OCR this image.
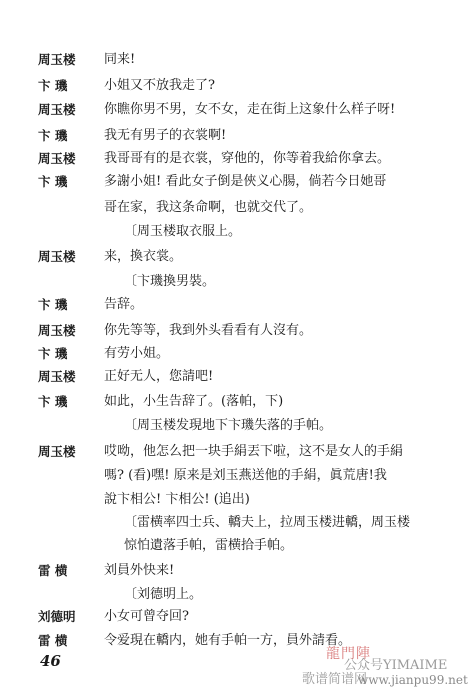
周玉楼	同来!
卞 璣	小姐又不放我走了?
周玉楼	你瞧你男不男，女不女，走在街上这象什么样子呀!
卞 璣	我无有男子的衣裳啊!
周玉楼	我哥哥有的是衣裳，穿他的，你等着我給你拿去。
卞 璣	多謝小姐! 看此女子倒是俠义心腸，倘若今日她哥
哥在家，我这条命啊，也就交代了。
〔周玉楼取衣服上。
周玉楼	来，換衣裳。
〔卞璣換男裝。
卞 璣	告辞。
周玉楼	你先等等，我到外头看看有人沒有。
卞 璣	有劳小姐。
周玉楼	正好无人，您請吧!
卞 璣	如此，小生告辞了。(落帕，下)
〔周玉楼发現地下卞璣失落的手帕。
周玉楼	哎呦，他怎么把一块手絹丟下啦，这不是女人的手絹
嗎? (看)嘿! 原来是刘玉燕送他的手絹，眞荒唐!我
說卞相公! 卞相公! (追出)
〔雷横率四士兵、轎夫上，拉周玉楼进轎，周玉楼
惊怕遺落手帕，雷横拾手帕。
雷 横	刘員外快来!
〔刘德明上。
刘德明	小女可曾夺回?
雷 横	令爱現在轎内，她有手帕一方，員外請看。
46	龍門陣
公众号YIMAIME
歌谱简谱网
www.jianpu99.net
